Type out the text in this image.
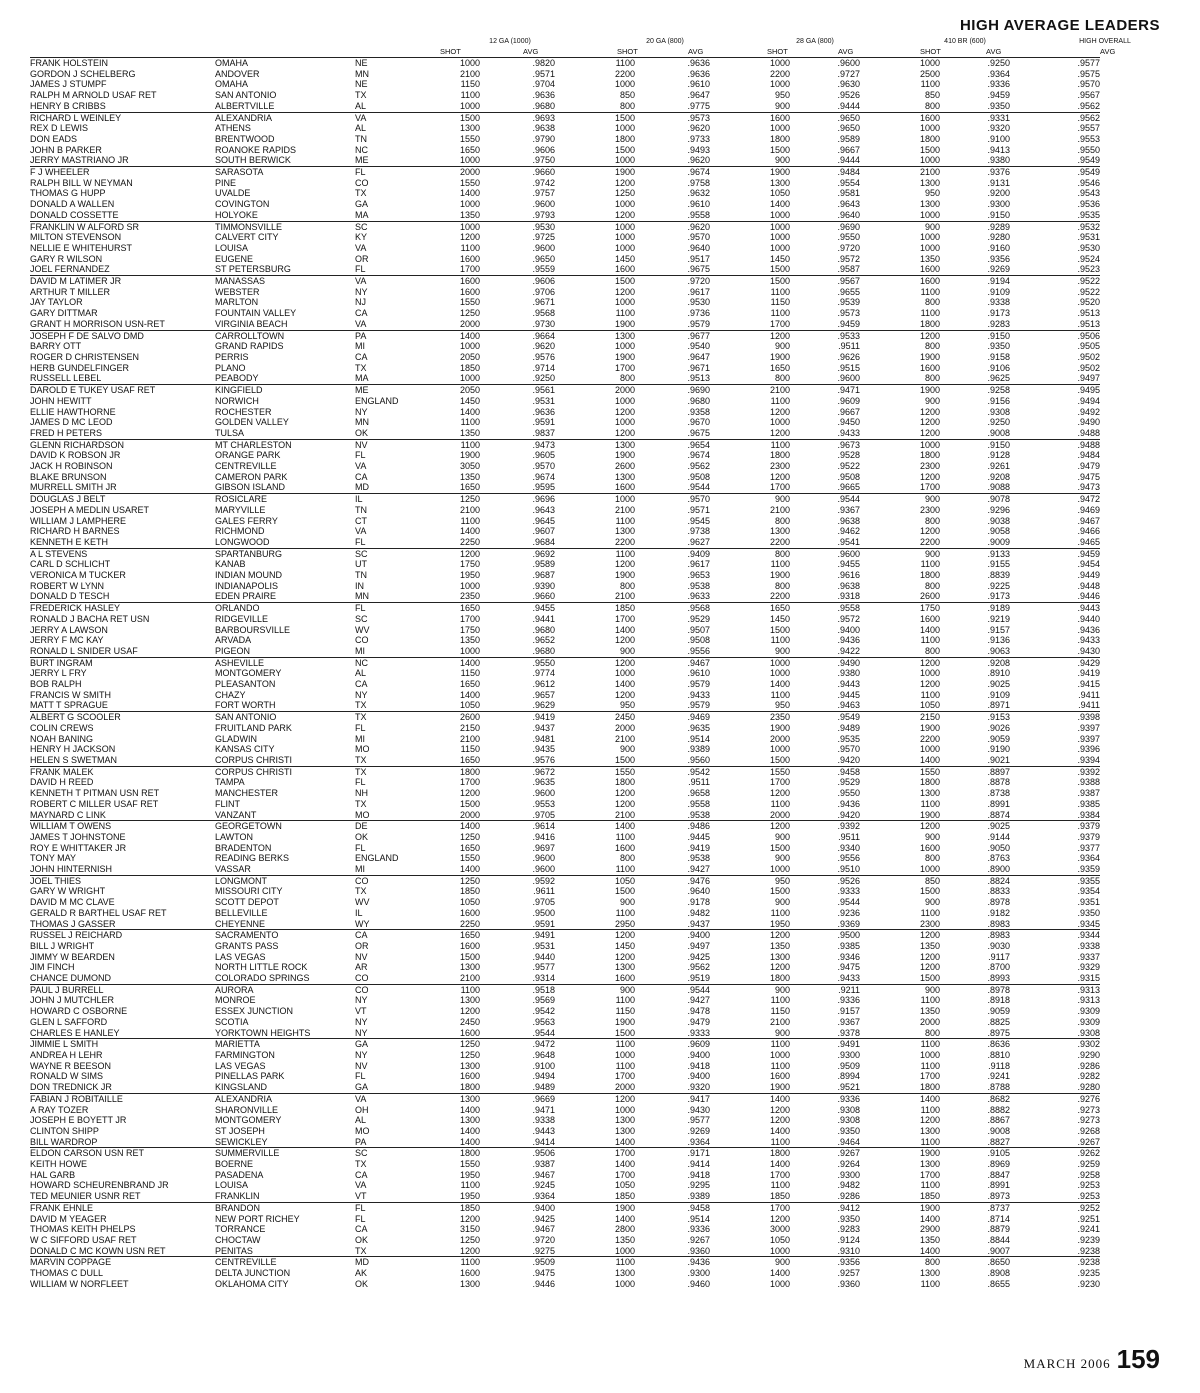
HIGH AVERAGE LEADERS
12 GA (1000)	20 GA (800)	28 GA (800)	410 BR (600)	HIGH OVERALL
SHOT	AVG	SHOT	AVG	SHOT	AVG	SHOT	AVG	AVG
FRANK HOLSTEIN	OMAHA	NE	1000	.9820	1100	.9636	1000	.9600	1000	.9250	.9577
GORDON J SCHELBERG	ANDOVER	MN	2100	.9571	2200	.9636	2200	.9727	2500	.9364	.9575
JAMES J STUMPF	OMAHA	NE	1150	.9704	1000	.9610	1000	.9630	1100	.9336	.9570
RALPH M ARNOLD USAF RET	SAN ANTONIO	TX	1100	.9636	850	.9647	950	.9526	850	.9459	.9567
HENRY B CRIBBS	ALBERTVILLE	AL	1000	.9680	800	.9775	900	.9444	800	.9350	.9562
RICHARD L WEINLEY	ALEXANDRIA	VA	1500	.9693	1500	.9573	1600	.9650	1600	.9331	.9562
REX D LEWIS	ATHENS	AL	1300	.9638	1000	.9620	1000	.9650	1000	.9320	.9557
DON EADS	BRENTWOOD	TN	1550	.9790	1800	.9733	1800	.9589	1800	.9100	.9553
JOHN B PARKER	ROANOKE RAPIDS	NC	1650	.9606	1500	.9493	1500	.9667	1500	.9413	.9550
JERRY MASTRIANO JR	SOUTH BERWICK	ME	1000	.9750	1000	.9620	900	.9444	1000	.9380	.9549
F J WHEELER	SARASOTA	FL	2000	.9660	1900	.9674	1900	.9484	2100	.9376	.9549
RALPH BILL W NEYMAN	PINE	CO	1550	.9742	1200	.9758	1300	.9554	1300	.9131	.9546
THOMAS G HUPP	UVALDE	TX	1400	.9757	1250	.9632	1050	.9581	950	.9200	.9543
DONALD A WALLEN	COVINGTON	GA	1000	.9600	1000	.9610	1400	.9643	1300	.9300	.9536
DONALD COSSETTE	HOLYOKE	MA	1350	.9793	1200	.9558	1000	.9640	1000	.9150	.9535
FRANKLIN W ALFORD SR	TIMMONSVILLE	SC	1000	.9530	1000	.9620	1000	.9690	900	.9289	.9532
MILTON STEVENSON	CALVERT CITY	KY	1200	.9725	1000	.9570	1000	.9550	1000	.9280	.9531
NELLIE E WHITEHURST	LOUISA	VA	1100	.9600	1000	.9640	1000	.9720	1000	.9160	.9530
GARY R WILSON	EUGENE	OR	1600	.9650	1450	.9517	1450	.9572	1350	.9356	.9524
JOEL FERNANDEZ	ST PETERSBURG	FL	1700	.9559	1600	.9675	1500	.9587	1600	.9269	.9523
DAVID M LATIMER JR	MANASSAS	VA	1600	.9606	1500	.9720	1500	.9567	1600	.9194	.9522
ARTHUR T MILLER	WEBSTER	NY	1600	.9706	1200	.9617	1100	.9655	1100	.9109	.9522
JAY TAYLOR	MARLTON	NJ	1550	.9671	1000	.9530	1150	.9539	800	.9338	.9520
GARY DITTMAR	FOUNTAIN VALLEY	CA	1250	.9568	1100	.9736	1100	.9573	1100	.9173	.9513
GRANT H MORRISON USN-RET	VIRGINIA BEACH	VA	2000	.9730	1900	.9579	1700	.9459	1800	.9283	.9513
JOSEPH F DE SALVO DMD	CARROLLTOWN	PA	1400	.9664	1300	.9677	1200	.9533	1200	.9150	.9506
BARRY OTT	GRAND RAPIDS	MI	1000	.9620	1000	.9540	900	.9511	800	.9350	.9505
ROGER D CHRISTENSEN	PERRIS	CA	2050	.9576	1900	.9647	1900	.9626	1900	.9158	.9502
HERB GUNDELFINGER	PLANO	TX	1850	.9714	1700	.9671	1650	.9515	1600	.9106	.9502
RUSSELL LEBEL	PEABODY	MA	1000	.9250	800	.9513	800	.9600	800	.9625	.9497
DAROLD E TUKEY USAF RET	KINGFIELD	ME	2050	.9561	2000	.9690	2100	.9471	1900	.9258	.9495
JOHN HEWITT	NORWICH	ENGLAND	1450	.9531	1000	.9680	1100	.9609	900	.9156	.9494
ELLIE HAWTHORNE	ROCHESTER	NY	1400	.9636	1200	.9358	1200	.9667	1200	.9308	.9492
JAMES D MC LEOD	GOLDEN VALLEY	MN	1100	.9591	1000	.9670	1000	.9450	1200	.9250	.9490
FRED H PETERS	TULSA	OK	1350	.9837	1200	.9675	1200	.9433	1200	.9008	.9488
GLENN RICHARDSON	MT CHARLESTON	NV	1100	.9473	1300	.9654	1100	.9673	1000	.9150	.9488
DAVID K ROBSON JR	ORANGE PARK	FL	1900	.9605	1900	.9674	1800	.9528	1800	.9128	.9484
JACK H ROBINSON	CENTREVILLE	VA	3050	.9570	2600	.9562	2300	.9522	2300	.9261	.9479
BLAKE BRUNSON	CAMERON PARK	CA	1350	.9674	1300	.9508	1200	.9508	1200	.9208	.9475
MURRELL SMITH JR	GIBSON ISLAND	MD	1650	.9595	1600	.9544	1700	.9665	1700	.9088	.9473
DOUGLAS J BELT	ROSICLARE	IL	1250	.9696	1000	.9570	900	.9544	900	.9078	.9472
JOSEPH A MEDLIN USARET	MARYVILLE	TN	2100	.9643	2100	.9571	2100	.9367	2300	.9296	.9469
WILLIAM J LAMPHERE	GALES FERRY	CT	1100	.9645	1100	.9545	800	.9638	800	.9038	.9467
RICHARD H BARNES	RICHMOND	VA	1400	.9607	1300	.9738	1300	.9462	1200	.9058	.9466
KENNETH E KETH	LONGWOOD	FL	2250	.9684	2200	.9627	2200	.9541	2200	.9009	.9465
A L STEVENS	SPARTANBURG	SC	1200	.9692	1100	.9409	800	.9600	900	.9133	.9459
CARL D SCHLICHT	KANAB	UT	1750	.9589	1200	.9617	1100	.9455	1100	.9155	.9454
VERONICA M TUCKER	INDIAN MOUND	TN	1950	.9687	1900	.9653	1900	.9616	1800	.8839	.9449
ROBERT W LYNN	INDIANAPOLIS	IN	1000	.9390	800	.9538	800	.9638	800	.9225	.9448
DONALD D TESCH	EDEN PRAIRE	MN	2350	.9660	2100	.9633	2200	.9318	2600	.9173	.9446
FREDERICK HASLEY	ORLANDO	FL	1650	.9455	1850	.9568	1650	.9558	1750	.9189	.9443
RONALD J BACHA RET USN	RIDGEVILLE	SC	1700	.9441	1700	.9529	1450	.9572	1600	.9219	.9440
JERRY A LAWSON	BARBOURSVILLE	WV	1750	.9680	1400	.9507	1500	.9400	1400	.9157	.9436
JERRY F MC KAY	ARVADA	CO	1350	.9652	1200	.9508	1100	.9436	1100	.9136	.9433
RONALD L SNIDER USAF	PIGEON	MI	1000	.9680	900	.9556	900	.9422	800	.9063	.9430
BURT INGRAM	ASHEVILLE	NC	1400	.9550	1200	.9467	1000	.9490	1200	.9208	.9429
JERRY L FRY	MONTGOMERY	AL	1150	.9774	1000	.9610	1000	.9380	1000	.8910	.9419
BOB RALPH	PLEASANTON	CA	1650	.9612	1400	.9579	1400	.9443	1200	.9025	.9415
FRANCIS W SMITH	CHAZY	NY	1400	.9657	1200	.9433	1100	.9445	1100	.9109	.9411
MATT T SPRAGUE	FORT WORTH	TX	1050	.9629	950	.9579	950	.9463	1050	.8971	.9411
ALBERT G SCOOLER	SAN ANTONIO	TX	2600	.9419	2450	.9469	2350	.9549	2150	.9153	.9398
COLIN CREWS	FRUITLAND PARK	FL	2150	.9437	2000	.9635	1900	.9489	1900	.9026	.9397
NOAH BANING	GLADWIN	MI	2100	.9481	2100	.9514	2000	.9535	2200	.9059	.9397
HENRY H JACKSON	KANSAS CITY	MO	1150	.9435	900	.9389	1000	.9570	1000	.9190	.9396
HELEN S SWETMAN	CORPUS CHRISTI	TX	1650	.9576	1500	.9560	1500	.9420	1400	.9021	.9394
FRANK MALEK	CORPUS CHRISTI	TX	1800	.9672	1550	.9542	1550	.9458	1550	.8897	.9392
DAVID H REED	TAMPA	FL	1700	.9635	1800	.9511	1700	.9529	1800	.8878	.9388
KENNETH T PITMAN USN RET	MANCHESTER	NH	1200	.9600	1200	.9658	1200	.9550	1300	.8738	.9387
ROBERT C MILLER USAF RET	FLINT	TX	1500	.9553	1200	.9558	1100	.9436	1100	.8991	.9385
MAYNARD C LINK	VANZANT	MO	2000	.9705	2100	.9538	2000	.9420	1900	.8874	.9384
WILLIAM T OWENS	GEORGETOWN	DE	1400	.9614	1400	.9486	1200	.9392	1200	.9025	.9379
JAMES T JOHNSTONE	LAWTON	OK	1250	.9416	1100	.9445	900	.9511	900	.9144	.9379
ROY E WHITTAKER JR	BRADENTON	FL	1650	.9697	1600	.9419	1500	.9340	1600	.9050	.9377
TONY MAY	READING BERKS	ENGLAND	1550	.9600	800	.9538	900	.9556	800	.8763	.9364
JOHN HINTERNISH	VASSAR	MI	1400	.9600	1100	.9427	1000	.9510	1000	.8900	.9359
JOEL THIES	LONGMONT	CO	1250	.9592	1050	.9476	950	.9526	850	.8824	.9355
GARY W WRIGHT	MISSOURI CITY	TX	1850	.9611	1500	.9640	1500	.9333	1500	.8833	.9354
DAVID M MC CLAVE	SCOTT DEPOT	WV	1050	.9705	900	.9178	900	.9544	900	.8978	.9351
GERALD R BARTHEL USAF RET	BELLEVILLE	IL	1600	.9500	1100	.9482	1100	.9236	1100	.9182	.9350
THOMAS J GASSER	CHEYENNE	WY	2250	.9591	2950	.9437	1950	.9369	2300	.8983	.9345
RUSSEL J REICHARD	SACRAMENTO	CA	1650	.9491	1200	.9400	1200	.9500	1200	.8983	.9344
BILL J WRIGHT	GRANTS PASS	OR	1600	.9531	1450	.9497	1350	.9385	1350	.9030	.9338
JIMMY W BEARDEN	LAS VEGAS	NV	1500	.9440	1200	.9425	1300	.9346	1200	.9117	.9337
JIM FINCH	NORTH LITTLE ROCK	AR	1300	.9577	1300	.9562	1200	.9475	1200	.8700	.9329
CHANCE DUMOND	COLORADO SPRINGS	CO	2100	.9314	1600	.9519	1800	.9433	1500	.8993	.9315
PAUL J BURRELL	AURORA	CO	1100	.9518	900	.9544	900	.9211	900	.8978	.9313
JOHN J MUTCHLER	MONROE	NY	1300	.9569	1100	.9427	1100	.9336	1100	.8918	.9313
HOWARD C OSBORNE	ESSEX JUNCTION	VT	1200	.9542	1150	.9478	1150	.9157	1350	.9059	.9309
GLEN L SAFFORD	SCOTIA	NY	2450	.9563	1900	.9479	2100	.9367	2000	.8825	.9309
CHARLES E HANLEY	YORKTOWN HEIGHTS	NY	1600	.9544	1500	.9333	900	.9378	800	.8975	.9308
JIMMIE L SMITH	MARIETTA	GA	1250	.9472	1100	.9609	1100	.9491	1100	.8636	.9302
ANDREA H LEHR	FARMINGTON	NY	1250	.9648	1000	.9400	1000	.9300	1000	.8810	.9290
WAYNE R BEESON	LAS VEGAS	NV	1300	.9100	1100	.9418	1100	.9509	1100	.9118	.9286
RONALD W SIMS	PINELLAS PARK	FL	1600	.9494	1700	.9400	1600	.8994	1700	.9241	.9282
DON TREDNICK JR	KINGSLAND	GA	1800	.9489	2000	.9320	1900	.9521	1800	.8788	.9280
FABIAN J ROBITAILLE	ALEXANDRIA	VA	1300	.9669	1200	.9417	1400	.9336	1400	.8682	.9276
A RAY TOZER	SHARONVILLE	OH	1400	.9471	1000	.9430	1200	.9308	1100	.8882	.9273
JOSEPH E BOYETT JR	MONTGOMERY	AL	1300	.9338	1300	.9577	1200	.9308	1200	.8867	.9273
CLINTON SHIPP	ST JOSEPH	MO	1400	.9443	1300	.9269	1400	.9350	1300	.9008	.9268
BILL WARDROP	SEWICKLEY	PA	1400	.9414	1400	.9364	1100	.9464	1100	.8827	.9267
ELDON CARSON USN RET	SUMMERVILLE	SC	1800	.9506	1700	.9171	1800	.9267	1900	.9105	.9262
KEITH HOWE	BOERNE	TX	1550	.9387	1400	.9414	1400	.9264	1300	.8969	.9259
HAL GARB	PASADENA	CA	1950	.9467	1700	.9418	1700	.9300	1700	.8847	.9258
HOWARD SCHEURENBRAND JR	LOUISA	VA	1100	.9245	1050	.9295	1100	.9482	1100	.8991	.9253
TED MEUNIER USNR RET	FRANKLIN	VT	1950	.9364	1850	.9389	1850	.9286	1850	.8973	.9253
FRANK EHNLE	BRANDON	FL	1850	.9400	1900	.9458	1700	.9412	1900	.8737	.9252
DAVID M YEAGER	NEW PORT RICHEY	FL	1200	.9425	1400	.9514	1200	.9350	1400	.8714	.9251
THOMAS KEITH PHELPS	TORRANCE	CA	3150	.9467	2800	.9336	3000	.9283	2900	.8879	.9241
W C SIFFORD USAF RET	CHOCTAW	OK	1250	.9720	1350	.9267	1050	.9124	1350	.8844	.9239
DONALD C MC KOWN USN RET	PENITAS	TX	1200	.9275	1000	.9360	1000	.9310	1400	.9007	.9238
MARVIN COPPAGE	CENTREVILLE	MD	1100	.9509	1100	.9436	900	.9356	800	.8650	.9238
THOMAS C DULL	DELTA JUNCTION	AK	1600	.9475	1300	.9300	1400	.9257	1300	.8908	.9235
WILLIAM W NORFLEET	OKLAHOMA CITY	OK	1300	.9446	1000	.9460	1000	.9360	1100	.8655	.9230
MARCH 2006 159
